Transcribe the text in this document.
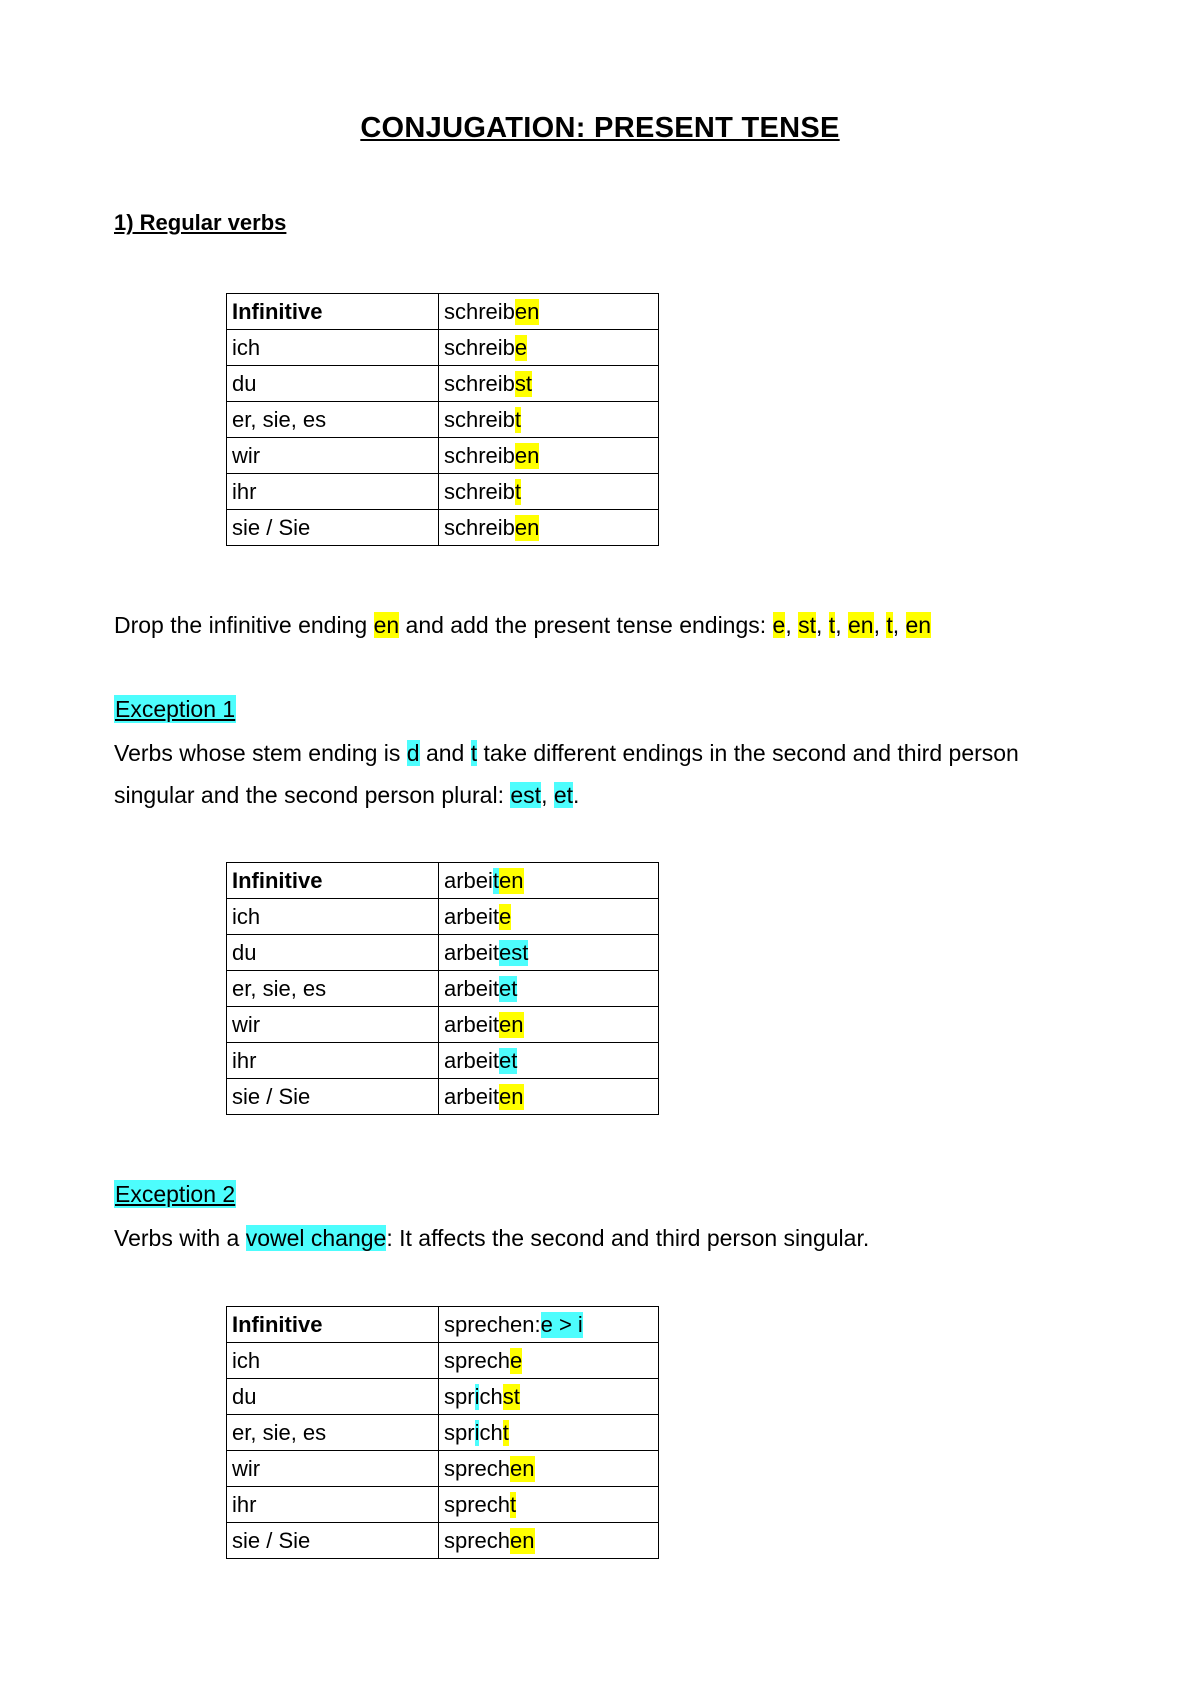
CONJUGATION: PRESENT TENSE
1) Regular verbs
Infinitive	schreiben
ich	schreibe
du	schreibst
er, sie, es	schreibt
wir	schreiben
ihr	schreibt
sie / Sie	schreiben
Drop the infinitive ending en and add the present tense endings: e, st, t, en, t, en
Exception 1
Verbs whose stem ending is d and t take different endings in the second and third person
singular and the second person plural: est, et.
Infinitive	arbeiten
ich	arbeite
du	arbeitest
er, sie, es	arbeitet
wir	arbeiten
ihr	arbeitet
sie / Sie	arbeiten
Exception 2
Verbs with a vowel change: It affects the second and third person singular.
Infinitive	sprechen:e > i
ich	spreche
du	sprichst
er, sie, es	spricht
wir	sprechen
ihr	sprecht
sie / Sie	sprechen
